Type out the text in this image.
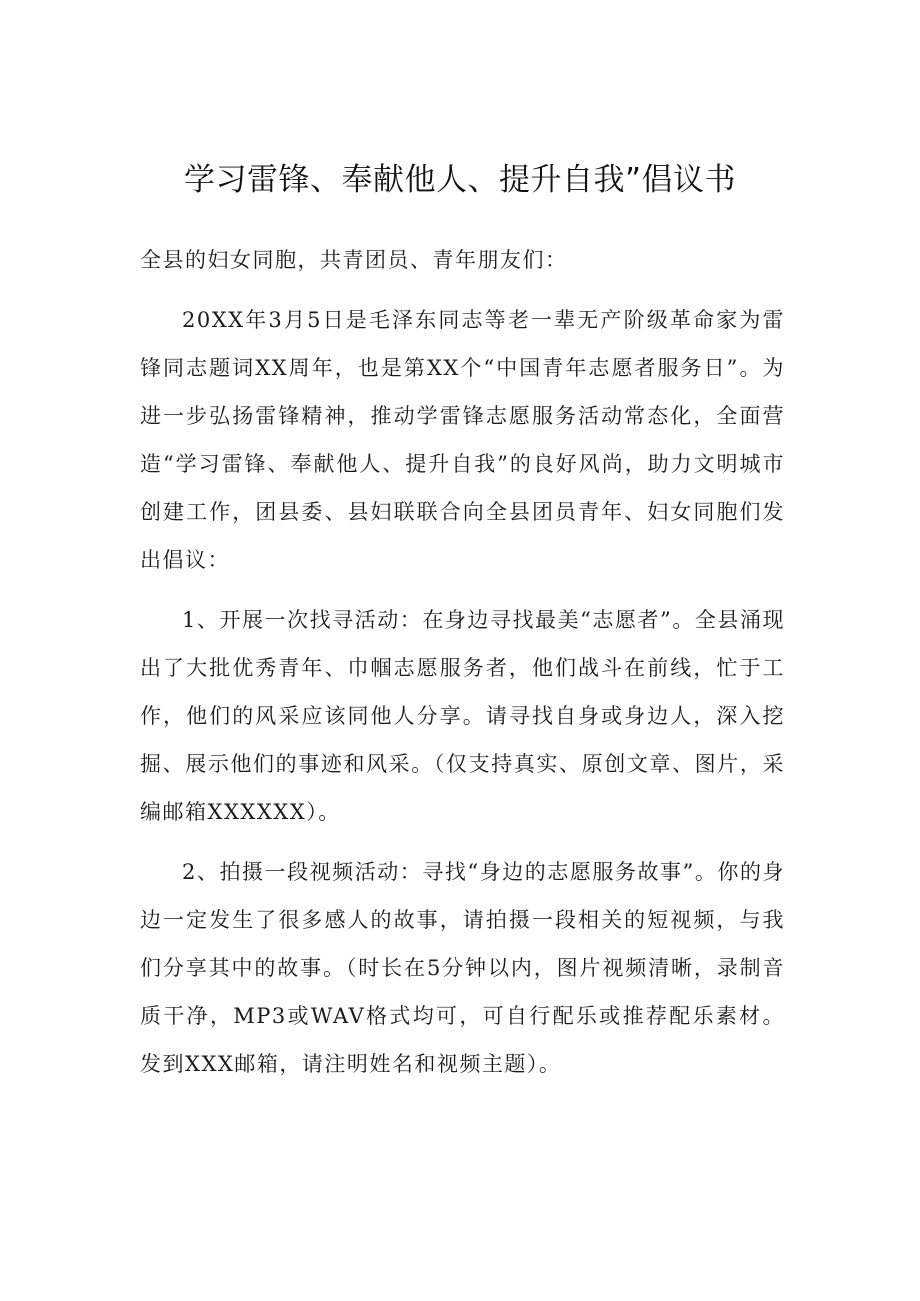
学习雷锋、奉献他人、提升自我”倡议书

全县的妇女同胞，共青团员、青年朋友们：

20XX年3月5日是毛泽东同志等老一辈无产阶级革命家为雷锋同志题词XX周年，也是第XX个“中国青年志愿者服务日”。为进一步弘扬雷锋精神，推动学雷锋志愿服务活动常态化，全面营造“学习雷锋、奉献他人、提升自我”的良好风尚，助力文明城市创建工作，团县委、县妇联联合向全县团员青年、妇女同胞们发出倡议：

1、开展一次找寻活动：在身边寻找最美“志愿者”。全县涌现出了大批优秀青年、巾帼志愿服务者，他们战斗在前线，忙于工作，他们的风采应该同他人分享。请寻找自身或身边人，深入挖掘、展示他们的事迹和风采。（仅支持真实、原创文章、图片，采编邮箱XXXXXX）。

2、拍摄一段视频活动：寻找“身边的志愿服务故事”。你的身边一定发生了很多感人的故事，请拍摄一段相关的短视频，与我们分享其中的故事。（时长在5分钟以内，图片视频清晰，录制音质干净，MP3或WAV格式均可，可自行配乐或推荐配乐素材。发到XXX邮箱，请注明姓名和视频主题）。
